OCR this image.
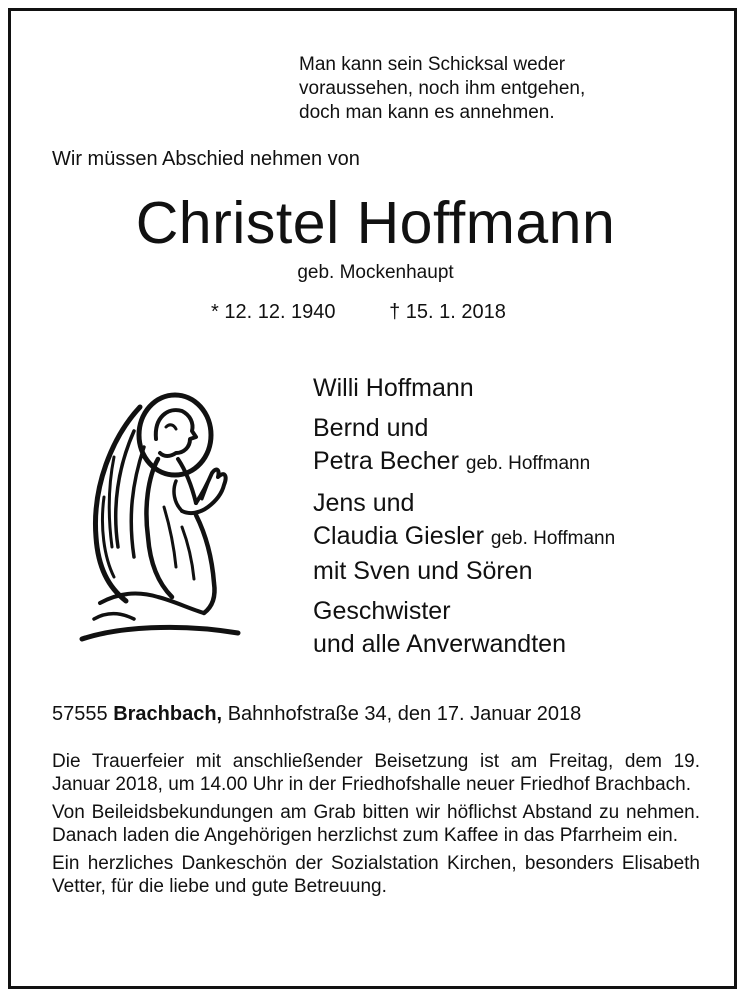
Man kann sein Schicksal weder
voraussehen, noch ihm entgehen,
doch man kann es annehmen.
Wir müssen Abschied nehmen von
Christel Hoffmann
geb. Mockenhaupt
* 12. 12. 1940	† 15. 1. 2018
Willi Hoffmann
Bernd und
Petra Becher geb. Hoffmann
Jens und
Claudia Giesler geb. Hoffmann
mit Sven und Sören
Geschwister
und alle Anverwandten
57555 Brachbach, Bahnhofstraße 34, den 17. Januar 2018

Die Trauerfeier mit anschließender Beisetzung ist am Freitag, dem 19. Januar 2018, um 14.00 Uhr in der Friedhofshalle neuer Friedhof Brachbach.

Von Beileidsbekundungen am Grab bitten wir höflichst Abstand zu nehmen. Danach laden die Angehörigen herzlichst zum Kaffee in das Pfarrheim ein.

Ein herzliches Dankeschön der Sozialstation Kirchen, besonders Elisabeth Vetter, für die liebe und gute Betreuung.
